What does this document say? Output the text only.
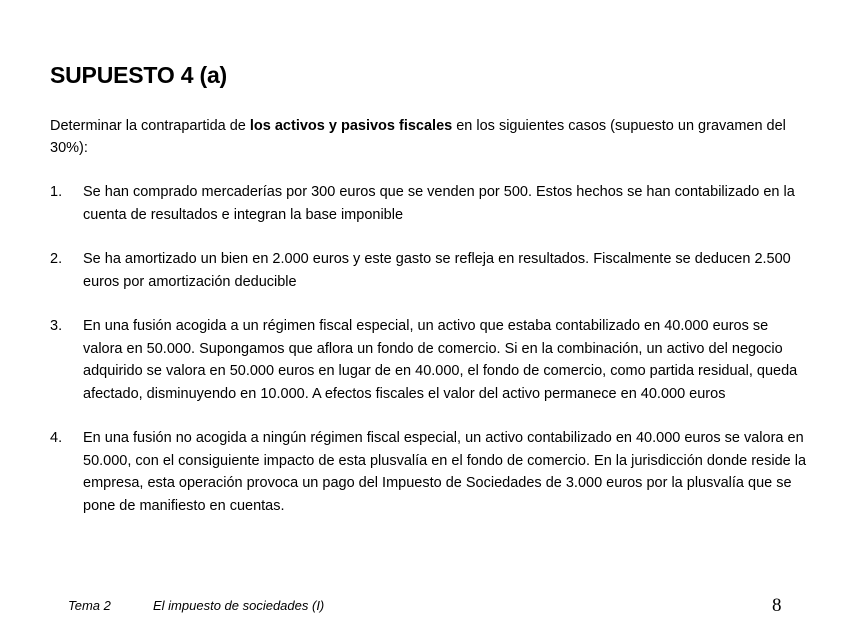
SUPUESTO 4 (a)

Determinar la contrapartida de los activos y pasivos fiscales en los siguientes casos (supuesto un gravamen del 30%):

1. Se han comprado mercaderías por 300 euros que se venden por 500. Estos hechos se han contabilizado en la cuenta de resultados e integran la base imponible
2. Se ha amortizado un bien en 2.000 euros y este gasto se refleja en resultados. Fiscalmente se deducen 2.500 euros por amortización deducible
3. En una fusión acogida a un régimen fiscal especial, un activo que estaba contabilizado en 40.000 euros se valora en 50.000. Supongamos que aflora un fondo de comercio. Si en la combinación, un activo del negocio adquirido se valora en 50.000 euros en lugar de en 40.000, el fondo de comercio, como partida residual, queda afectado, disminuyendo en 10.000. A efectos fiscales el valor del activo permanece en 40.000 euros
4. En una fusión no acogida a ningún régimen fiscal especial, un activo contabilizado en 40.000 euros se valora en 50.000, con el consiguiente impacto de esta plusvalía en el fondo de comercio. En la jurisdicción donde reside la empresa, esta operación provoca un pago del Impuesto de Sociedades de 3.000 euros por la plusvalía que se pone de manifiesto en cuentas.
Tema 2	El impuesto de sociedades (I)	8
